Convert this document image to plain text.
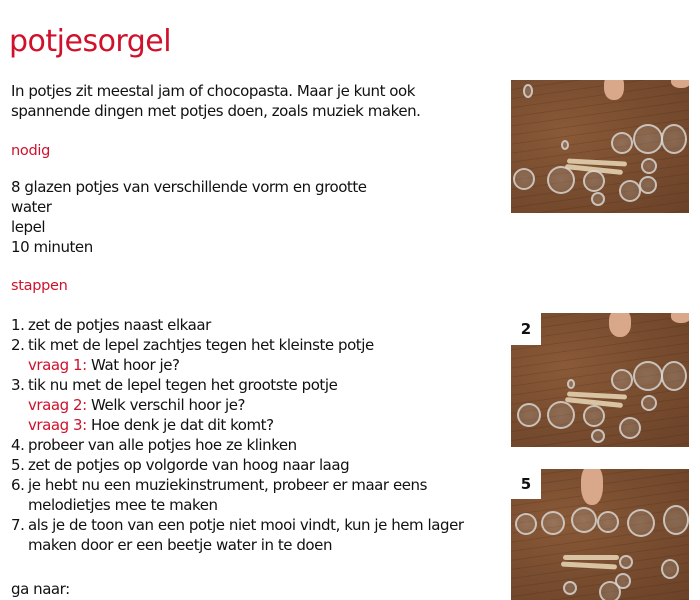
potjesorgel

In potjes zit meestal jam of chocopasta. Maar je kunt ook

spannende dingen met potjes doen, zoals muziek maken.

nodig
8 glazen potjes van verschillende vorm en grootte
water
lepel
10 minuten
stappen
1. zet de potjes naast elkaar
2. tik met de lepel zachtjes tegen het kleinste potje
vraag 1: Wat hoor je?
3. tik nu met de lepel tegen het grootste potje
vraag 2: Welk verschil hoor je?
vraag 3: Hoe denk je dat dit komt?
4. probeer van alle potjes hoe ze klinken
5. zet de potjes op volgorde van hoog naar laag
6. je hebt nu een muziekinstrument, probeer er maar eens
melodietjes mee te maken
7. als je de toon van een potje niet mooi vindt, kun je hem lager
maken door er een beetje water in te doen
ga naar:
2
5
